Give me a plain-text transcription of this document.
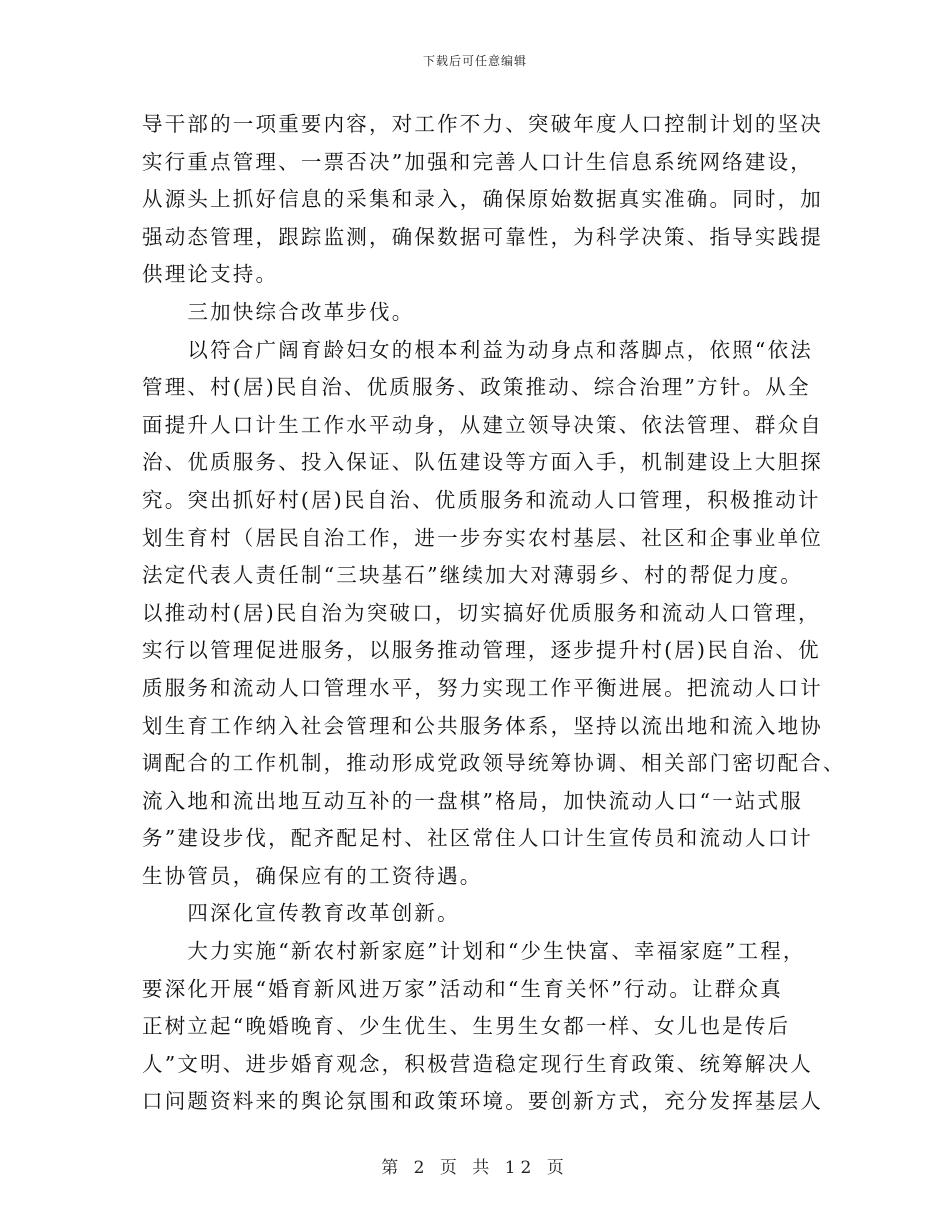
下载后可任意编辑
导干部的一项重要内容，对工作不力、突破年度人口控制计划的坚决
实行重点管理、一票否决”加强和完善人口计生信息系统网络建设，
从源头上抓好信息的采集和录入，确保原始数据真实准确。同时，加
强动态管理，跟踪监测，确保数据可靠性，为科学决策、指导实践提
供理论支持。
　　三加快综合改革步伐。
　　以符合广阔育龄妇女的根本利益为动身点和落脚点，依照“依法
管理、村(居)民自治、优质服务、政策推动、综合治理”方针。从全
面提升人口计生工作水平动身，从建立领导决策、依法管理、群众自
治、优质服务、投入保证、队伍建设等方面入手，机制建设上大胆探
究。突出抓好村(居)民自治、优质服务和流动人口管理，积极推动计
划生育村（居民自治工作，进一步夯实农村基层、社区和企事业单位
法定代表人责任制“三块基石”继续加大对薄弱乡、村的帮促力度。
以推动村(居)民自治为突破口，切实搞好优质服务和流动人口管理，
实行以管理促进服务，以服务推动管理，逐步提升村(居)民自治、优
质服务和流动人口管理水平，努力实现工作平衡进展。把流动人口计
划生育工作纳入社会管理和公共服务体系，坚持以流出地和流入地协
调配合的工作机制，推动形成党政领导统筹协调、相关部门密切配合、
流入地和流出地互动互补的一盘棋”格局，加快流动人口“一站式服
务”建设步伐，配齐配足村、社区常住人口计生宣传员和流动人口计
生协管员，确保应有的工资待遇。
　　四深化宣传教育改革创新。
　　大力实施“新农村新家庭”计划和“少生快富、幸福家庭”工程，
要深化开展“婚育新风进万家”活动和“生育关怀”行动。让群众真
正树立起“晚婚晚育、少生优生、生男生女都一样、女儿也是传后
人”文明、进步婚育观念，积极营造稳定现行生育政策、统筹解决人
口问题资料来的舆论氛围和政策环境。要创新方式，充分发挥基层人
第 2 页 共 12 页
